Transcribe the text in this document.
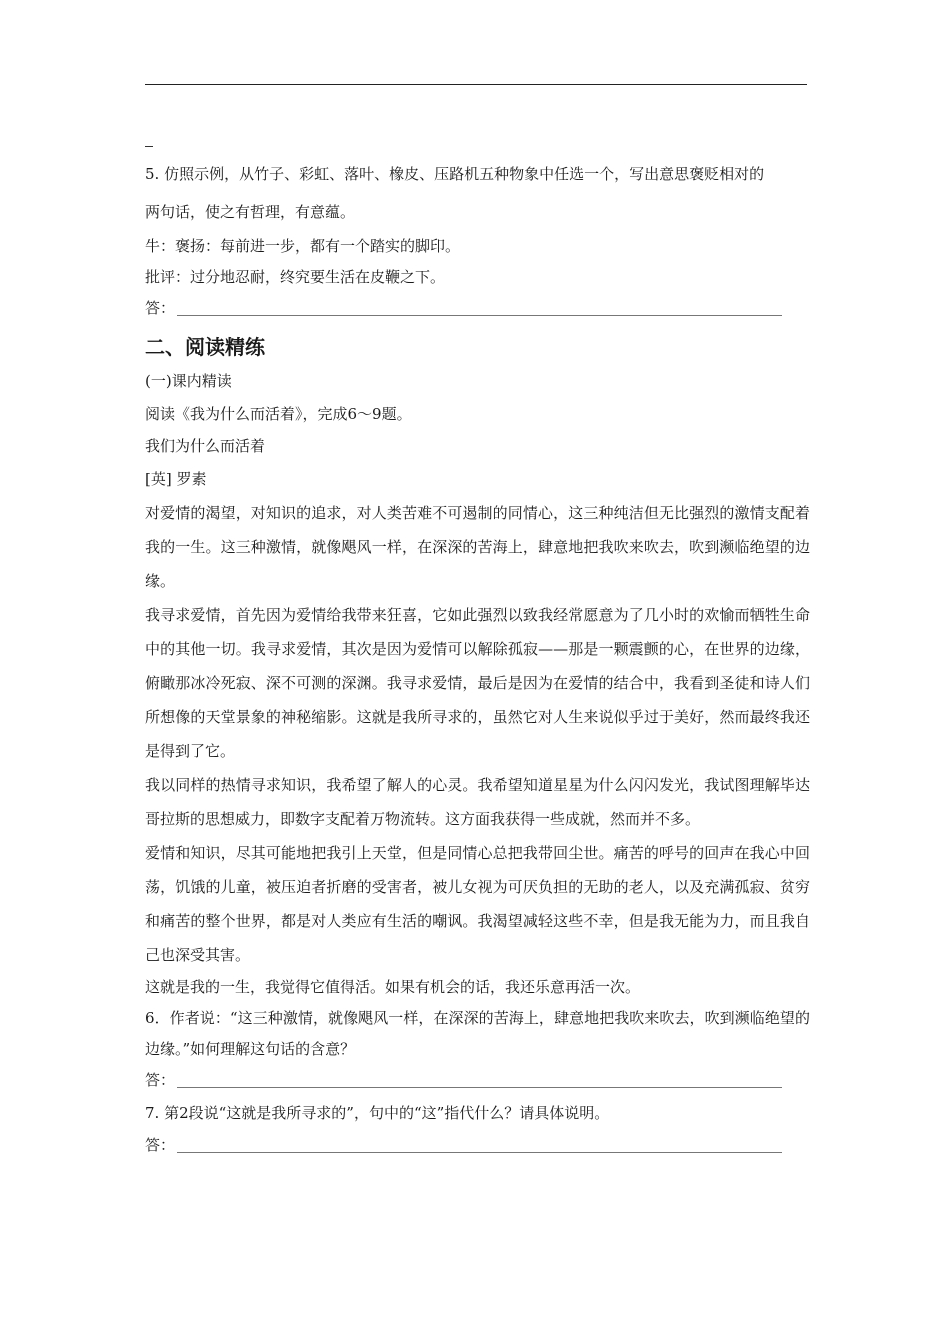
5. 仿照示例，从竹子、彩虹、落叶、橡皮、压路机五种物象中任选一个，写出意思褒贬相对的

两句话，使之有哲理，有意蕴。

牛：褒扬：每前进一步，都有一个踏实的脚印。

批评：过分地忍耐，终究要生活在皮鞭之下。

答：

二、阅读精练

(一)课内精读

阅读《我为什么而活着》，完成6～9题。

我们为什么而活着

[英] 罗素

对爱情的渴望，对知识的追求，对人类苦难不可遏制的同情心，这三种纯洁但无比强烈的激情支配着我的一生。这三种激情，就像飓风一样，在深深的苦海上，肆意地把我吹来吹去，吹到濒临绝望的边缘。

我寻求爱情，首先因为爱情给我带来狂喜，它如此强烈以致我经常愿意为了几小时的欢愉而牺牲生命中的其他一切。我寻求爱情，其次是因为爱情可以解除孤寂——那是一颗震颤的心，在世界的边缘，俯瞰那冰冷死寂、深不可测的深渊。我寻求爱情，最后是因为在爱情的结合中，我看到圣徒和诗人们所想像的天堂景象的神秘缩影。这就是我所寻求的，虽然它对人生来说似乎过于美好，然而最终我还是得到了它。

我以同样的热情寻求知识，我希望了解人的心灵。我希望知道星星为什么闪闪发光，我试图理解毕达哥拉斯的思想威力，即数字支配着万物流转。这方面我获得一些成就，然而并不多。

爱情和知识，尽其可能地把我引上天堂，但是同情心总把我带回尘世。痛苦的呼号的回声在我心中回荡，饥饿的儿童，被压迫者折磨的受害者，被儿女视为可厌负担的无助的老人，以及充满孤寂、贫穷和痛苦的整个世界，都是对人类应有生活的嘲讽。我渴望减轻这些不幸，但是我无能为力，而且我自己也深受其害。

这就是我的一生，我觉得它值得活。如果有机会的话，我还乐意再活一次。

6．作者说：“这三种激情，就像飓风一样，在深深的苦海上，肆意地把我吹来吹去，吹到濒临绝望的边缘。”如何理解这句话的含意？

答：

7. 第2段说“这就是我所寻求的”，句中的“这”指代什么？请具体说明。

答：
